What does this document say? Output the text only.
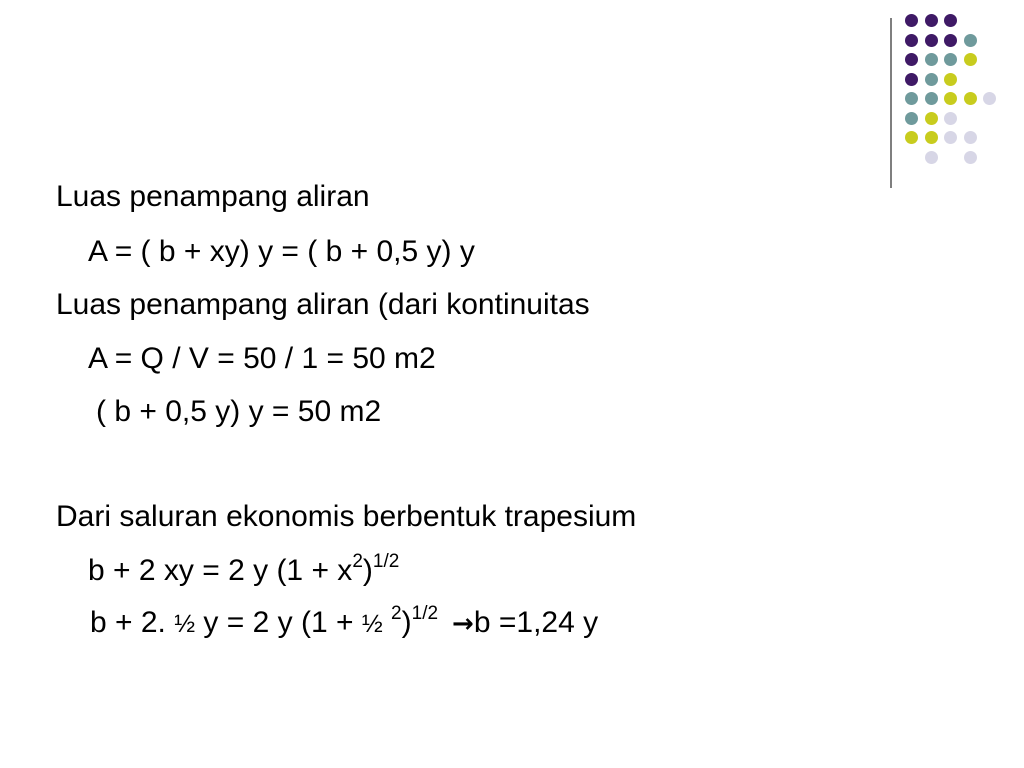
Luas penampang aliran
A = ( b + xy) y = ( b + 0,5 y) y
Luas penampang aliran (dari kontinuitas
A = Q / V = 50 / 1 = 50 m2
( b + 0,5 y) y = 50 m2
Dari saluran ekonomis berbentuk trapesium
b + 2 xy = 2 y $(1 + x^2)^{1/2}$
b + 2. ½ y = 2 y (1 + ½ $^2$)$^{1/2}$ →b =1,24 y
